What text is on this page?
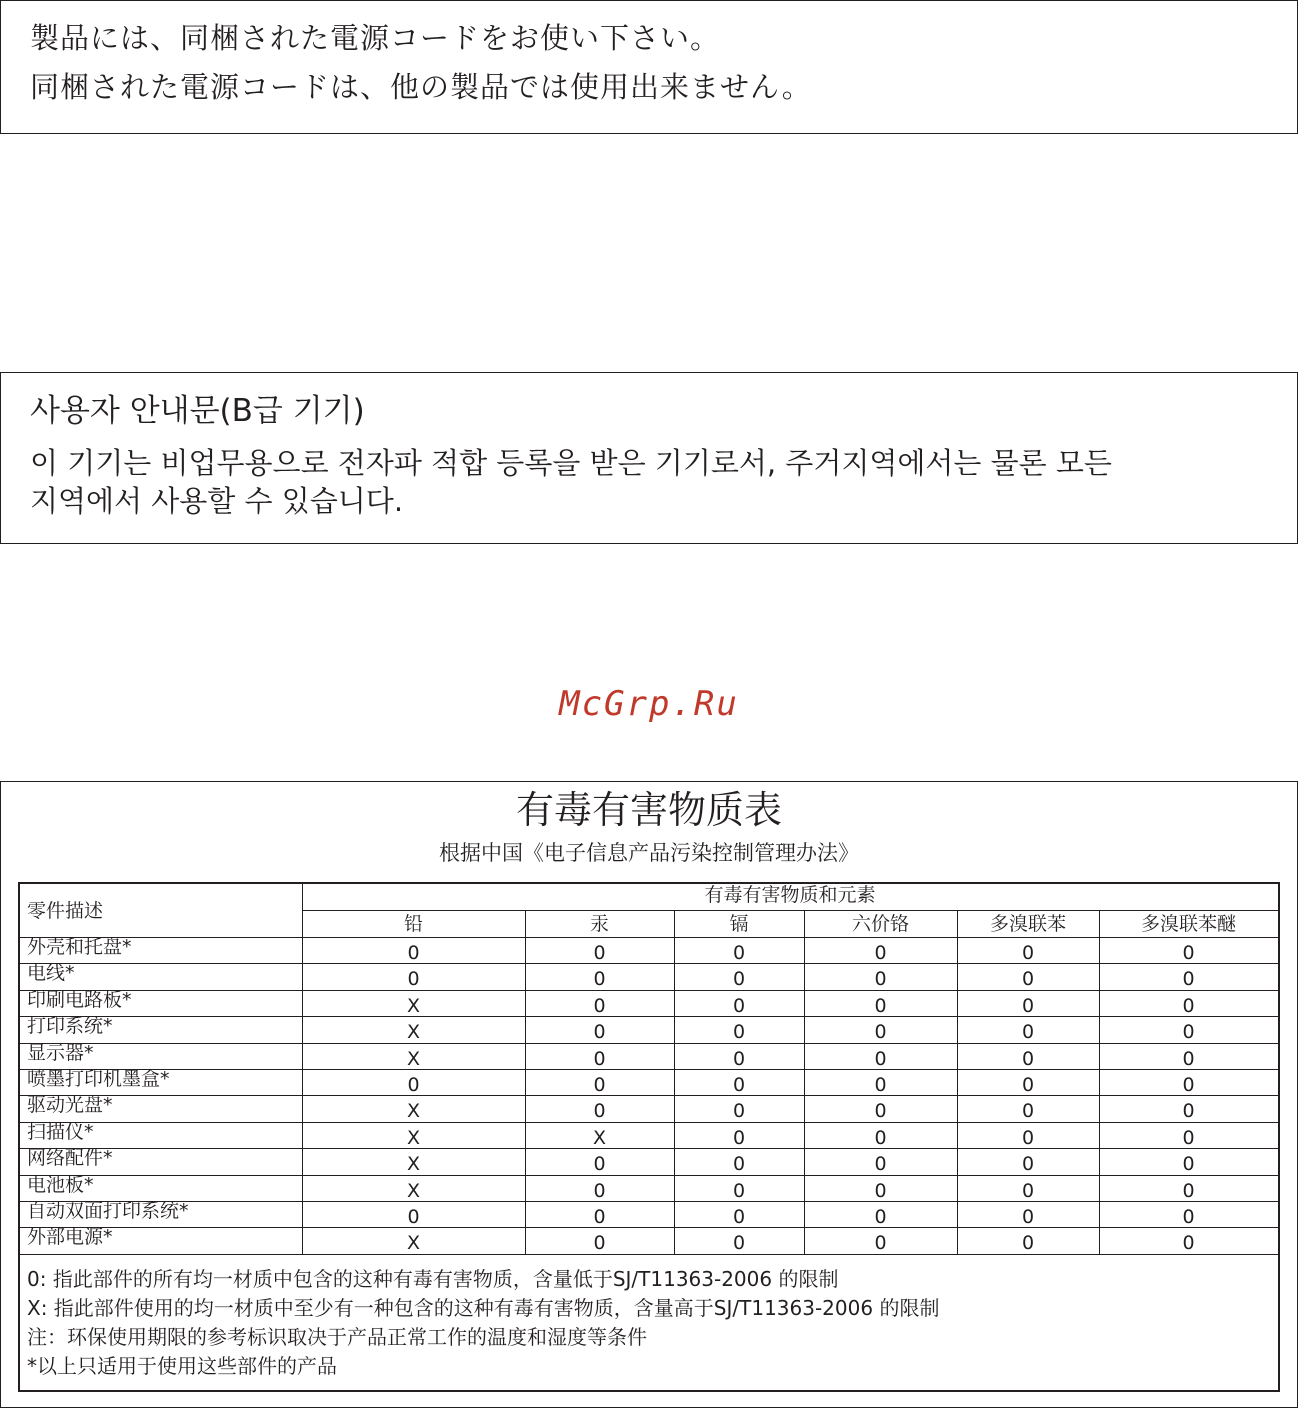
製品には、同梱された電源コードをお使い下さい。
同梱された電源コードは、他の製品では使用出来ません。
사용자 안내문(B급 기기)
이 기기는 비업무용으로 전자파 적합 등록을 받은 기기로서, 주거지역에서는 물론 모든
지역에서 사용할 수 있습니다.
McGrp.Ru
有毒有害物质表
根据中国《电子信息产品污染控制管理办法》
零件描述
有毒有害物质和元素
铅	汞	镉	六价铬	多溴联苯	多溴联苯醚
外壳和托盘*	0	0	0	0	0	0
电线*	0	0	0	0	0	0
印刷电路板*	X	0	0	0	0	0
打印系统*	X	0	0	0	0	0
显示器*	X	0	0	0	0	0
喷墨打印机墨盒*	0	0	0	0	0	0
驱动光盘*	X	0	0	0	0	0
扫描仪*	X	X	0	0	0	0
网络配件*	X	0	0	0	0	0
电池板*	X	0	0	0	0	0
自动双面打印系统*	0	0	0	0	0	0
外部电源*	X	0	0	0	0	0
0: 指此部件的所有均一材质中包含的这种有毒有害物质，含量低于SJ/T11363-2006 的限制
X: 指此部件使用的均一材质中至少有一种包含的这种有毒有害物质，含量高于SJ/T11363-2006 的限制
注：环保使用期限的参考标识取决于产品正常工作的温度和湿度等条件
*以上只适用于使用这些部件的产品
